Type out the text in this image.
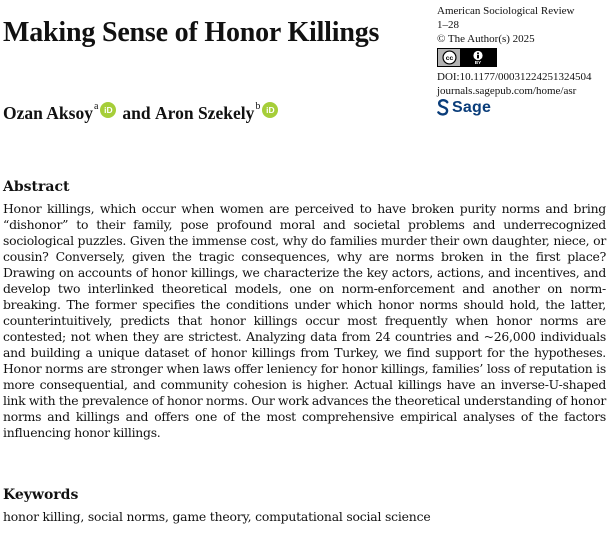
Making Sense of Honor Killings
American Sociological Review
1–28
© The Author(s) 2025
cc
BY
DOI:10.1177/00031224251324504
journals.sagepub.com/home/asr
Sage
Ozan Aksoy$^a$ iD and
Aron Szekely$^b$ iD
Abstract

Honor killings, which occur when women are perceived to have broken purity norms and bring “dishonor” to their family, pose profound moral and societal problems and underrecognized sociological puzzles. Given the immense cost, why do families murder their own daughter, niece, or cousin? Conversely, given the tragic consequences, why are norms broken in the first place? Drawing on accounts of honor killings, we characterize the key actors, actions, and incentives, and develop two interlinked theoretical models, one on norm-enforcement and another on norm-breaking. The former specifies the conditions under which honor norms should hold, the latter, counterintuitively, predicts that honor killings occur most frequently when honor norms are contested; not when they are strictest. Analyzing data from 24 countries and ~26,000 individuals and building a unique dataset of honor killings from Turkey, we find support for the hypotheses. Honor norms are stronger when laws offer leniency for honor killings, families’ loss of reputation is more consequential, and community cohesion is higher. Actual killings have an inverse-U-shaped link with the prevalence of honor norms. Our work advances the theoretical understanding of honor norms and killings and offers one of the most comprehensive empirical analyses of the factors influencing honor killings.

Keywords

honor killing, social norms, game theory, computational social science
